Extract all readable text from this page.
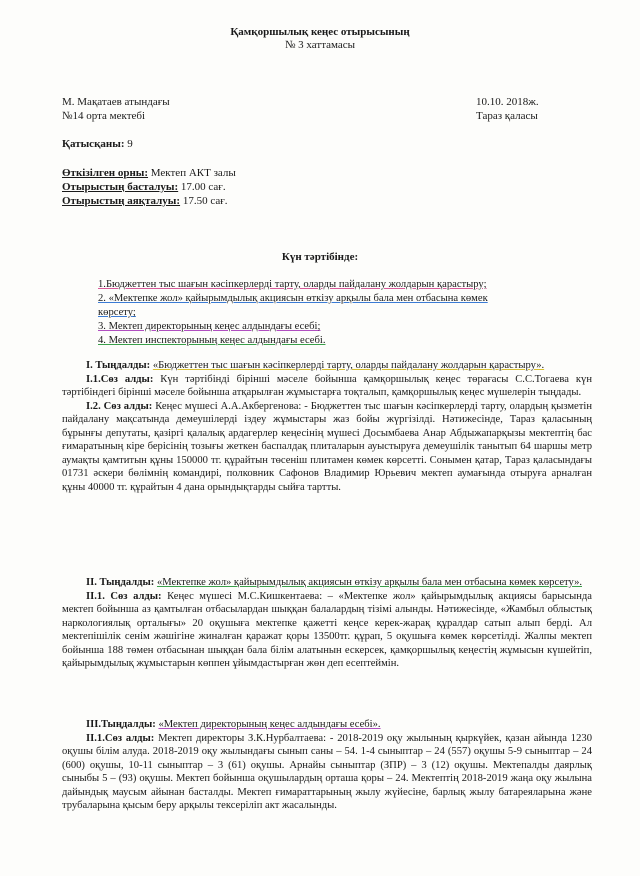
Қамқоршылық кеңес отырысының
№ 3 хаттамасы
М. Мақатаев атындағы
№14 орта мектебі
10.10. 2018ж.
Тараз қаласы
Қатысқаны: 9
Өткізілген орны: Мектеп АКТ залы
Отырыстың басталуы: 17.00 сағ.
Отырыстың аяқталуы: 17.50 сағ.
Күн тәртібінде:
1.Бюджеттен тыс шағын кәсіпкерлерді тарту, оларды пайдалану жолдарын қарастыру;
2. «Мектепке жол» қайырымдылық акциясын өткізу арқылы бала мен отбасына көмек
көрсету;
3. Мектеп директорының кеңес алдындағы есебі;
4. Мектеп инспекторының кеңес алдындағы есебі.

I. Тыңдалды: «Бюджеттен тыс шағын кәсіпкерлерді тарту, оларды пайдалану жолдарын қарастыру».

І.1.Сөз алды: Күн тәртібінді бірінші мәселе бойынша қамқоршылық кеңес төрағасы С.С.Тогаева күн тәртібіндегі бірінші мәселе бойынша атқарылған жұмыстарға тоқталып, қамқоршылық кеңес мүшелерін тыңдады.

І.2. Сөз алды: Кеңес мүшесі А.А.Акбергенова: - Бюджеттен тыс шағын кәсіпкерлерді тарту, олардың қызметін пайдалану мақсатында демеушілерді іздеу жұмыстары жаз бойы жүргізілді. Нәтижесінде, Тараз қаласының бұрынғы депутаты, қазіргі қалалық ардагерлер кеңесінің мүшесі Досымбаева Анар Абдыжапарқызы мектептің бас ғимаратының кіре берісінің тозығы жеткен баспалдақ плиталарын ауыстыруға демеушілік танытып 64 шаршы метр аумақты қамтитын құны 150000 тг. құрайтын төсеніш плитамен көмек көрсетті. Сонымен қатар, Тараз қаласындағы 01731 әскери бөлімнің командирі, полковник Сафонов Владимир Юрьевич мектеп аумағында отыруға арналған құны 40000 тг. құрайтын 4 дана орындықтарды сыйға тартты.

II. Тыңдалды: «Мектепке жол» қайырымдылық акциясын өткізу арқылы бала мен отбасына көмек көрсету».

ІІ.1. Сөз алды: Кеңес мүшесі М.С.Кишкентаева: – «Мектепке жол» қайырымдылық акциясы барысында мектеп бойынша аз қамтылған отбасылардан шыққан балалардың тізімі алынды. Нәтижесінде, «Жамбыл облыстық наркологиялық орталығы» 20 оқушыға мектепке қажетті кеңсе керек-жарақ құралдар сатып алып берді. Ал мектепішілік сенім жәшігіне жиналған қаражат қоры 13500тг. құрап, 5 оқушыға көмек көрсетілді. Жалпы мектеп бойынша 188 төмен отбасынан шыққан бала білім алатынын ескерсек, қамқоршылық кеңестің жұмысын күшейтіп, қайырымдылық жұмыстарын көппен ұйымдастырған жөн деп есептеймін.

ІІІ.Тыңдалды: «Мектеп директорының кеңес алдындағы есебі».

ІІ.1.Сөз алды: Мектеп директоры З.К.Нурбалтаева: - 2018-2019 оқу жылының қыркүйек, қазан айында 1230 оқушы білім алуда. 2018-2019 оқу жылындағы сынып саны – 54. 1-4 сыныптар – 24 (557) оқушы 5-9 сыныптар – 24 (600) оқушы, 10-11 сыныптар – 3 (61) оқушы. Арнайы сыныптар (ЗПР) – 3 (12) оқушы. Мектепалды даярлық сыныбы 5 – (93) оқушы. Мектеп бойынша оқушылардың орташа қоры – 24. Мектептің 2018-2019 жаңа оқу жылына дайындық маусым айынан басталды. Мектеп ғимараттарының жылу жүйесіне, барлық жылу батареяларына және трубаларына қысым беру арқылы тексеріліп акт жасалынды.
